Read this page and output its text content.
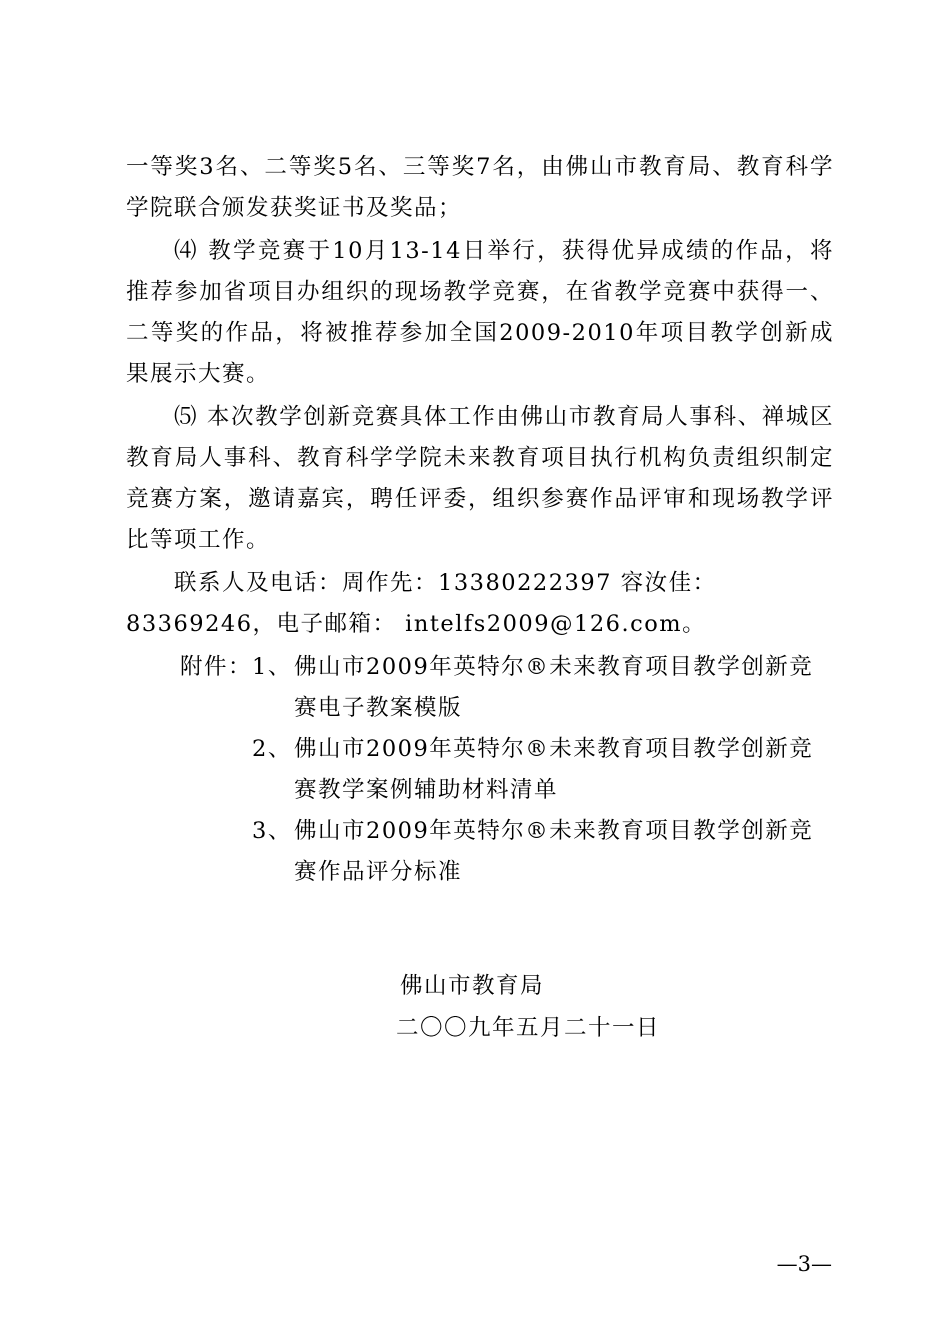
一等奖3名、二等奖5名、三等奖7名，由佛山市教育局、教育科学学院联合颁发获奖证书及奖品；

⑷ 教学竞赛于10月13-14日举行，获得优异成绩的作品，将推荐参加省项目办组织的现场教学竞赛，在省教学竞赛中获得一、二等奖的作品，将被推荐参加全国2009-2010年项目教学创新成果展示大赛。

⑸ 本次教学创新竞赛具体工作由佛山市教育局人事科、禅城区教育局人事科、教育科学学院未来教育项目执行机构负责组织制定竞赛方案，邀请嘉宾，聘任评委，组织参赛作品评审和现场教学评比等项工作。

联系人及电话：周作先：13380222397 容汝佳：83369246，电子邮箱： intelfs2009@126.com。

附件： 1、 佛山市2009年英特尔®未来教育项目教学创新竞赛电子教案模版
2、 佛山市2009年英特尔®未来教育项目教学创新竞赛教学案例辅助材料清单
3、 佛山市2009年英特尔®未来教育项目教学创新竞赛作品评分标准
佛山市教育局
二〇〇九年五月二十一日
—3—
